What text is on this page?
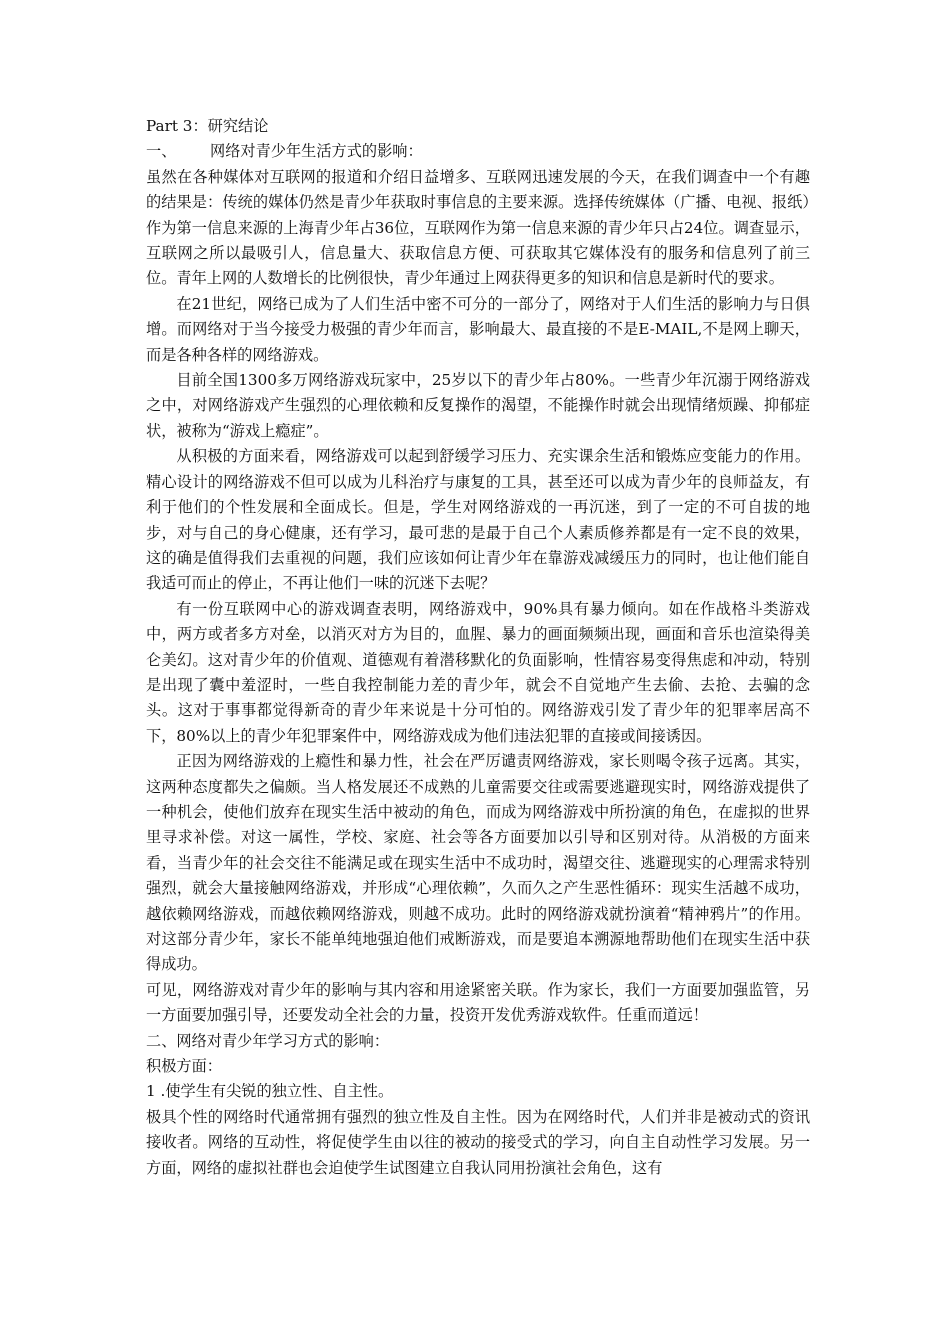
Part 3：研究结论

一、 网络对青少年生活方式的影响：

虽然在各种媒体对互联网的报道和介绍日益增多、互联网迅速发展的今天，在我们调查中一个有趣的结果是：传统的媒体仍然是青少年获取时事信息的主要来源。选择传统媒体（广播、电视、报纸）作为第一信息来源的上海青少年占36位，互联网作为第一信息来源的青少年只占24位。调查显示，互联网之所以最吸引人，信息量大、获取信息方便、可获取其它媒体没有的服务和信息列了前三位。青年上网的人数增长的比例很快，青少年通过上网获得更多的知识和信息是新时代的要求。

在21世纪，网络已成为了人们生活中密不可分的一部分了，网络对于人们生活的影响力与日俱增。而网络对于当今接受力极强的青少年而言，影响最大、最直接的不是E-MAIL,不是网上聊天，而是各种各样的网络游戏。

目前全国1300多万网络游戏玩家中，25岁以下的青少年占80%。一些青少年沉溺于网络游戏之中，对网络游戏产生强烈的心理依赖和反复操作的渴望，不能操作时就会出现情绪烦躁、抑郁症状，被称为“游戏上瘾症”。

从积极的方面来看，网络游戏可以起到舒缓学习压力、充实课余生活和锻炼应变能力的作用。精心设计的网络游戏不但可以成为儿科治疗与康复的工具，甚至还可以成为青少年的良师益友，有利于他们的个性发展和全面成长。但是，学生对网络游戏的一再沉迷，到了一定的不可自拔的地步，对与自己的身心健康，还有学习，最可悲的是最于自己个人素质修养都是有一定不良的效果，这的确是值得我们去重视的问题，我们应该如何让青少年在靠游戏减缓压力的同时，也让他们能自我适可而止的停止，不再让他们一味的沉迷下去呢？

有一份互联网中心的游戏调查表明，网络游戏中，90%具有暴力倾向。如在作战格斗类游戏中，两方或者多方对垒，以消灭对方为目的，血腥、暴力的画面频频出现，画面和音乐也渲染得美仑美幻。这对青少年的价值观、道德观有着潜移默化的负面影响，性情容易变得焦虑和冲动，特别是出现了囊中羞涩时，一些自我控制能力差的青少年，就会不自觉地产生去偷、去抢、去骗的念头。这对于事事都觉得新奇的青少年来说是十分可怕的。网络游戏引发了青少年的犯罪率居高不下，80%以上的青少年犯罪案件中，网络游戏成为他们违法犯罪的直接或间接诱因。

正因为网络游戏的上瘾性和暴力性，社会在严厉谴责网络游戏，家长则喝令孩子远离。其实，这两种态度都失之偏颇。当人格发展还不成熟的儿童需要交往或需要逃避现实时，网络游戏提供了一种机会，使他们放弃在现实生活中被动的角色，而成为网络游戏中所扮演的角色，在虚拟的世界里寻求补偿。对这一属性，学校、家庭、社会等各方面要加以引导和区别对待。从消极的方面来看，当青少年的社会交往不能满足或在现实生活中不成功时，渴望交往、逃避现实的心理需求特别强烈，就会大量接触网络游戏，并形成“心理依赖”，久而久之产生恶性循环：现实生活越不成功，越依赖网络游戏，而越依赖网络游戏，则越不成功。此时的网络游戏就扮演着“精神鸦片”的作用。对这部分青少年，家长不能单纯地强迫他们戒断游戏，而是要追本溯源地帮助他们在现实生活中获得成功。

可见，网络游戏对青少年的影响与其内容和用途紧密关联。作为家长，我们一方面要加强监管，另一方面要加强引导，还要发动全社会的力量，投资开发优秀游戏软件。任重而道远！

二、网络对青少年学习方式的影响：

积极方面：

1 .使学生有尖锐的独立性、自主性。

极具个性的网络时代通常拥有强烈的独立性及自主性。因为在网络时代，人们并非是被动式的资讯接收者。网络的互动性，将促使学生由以往的被动的接受式的学习，向自主自动性学习发展。另一方面，网络的虚拟社群也会迫使学生试图建立自我认同用扮演社会角色，这有
